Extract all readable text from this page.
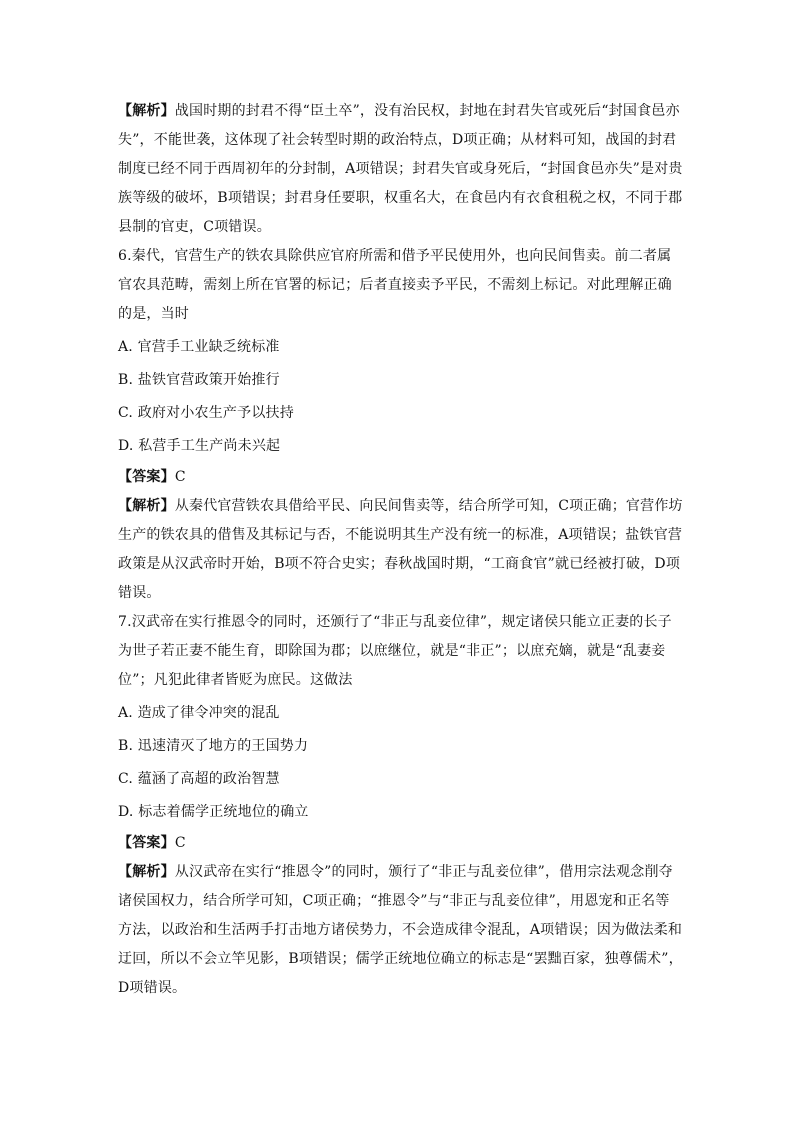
【解析】战国时期的封君不得“臣土卒”，没有治民权，封地在封君失官或死后“封国食邑亦失”，不能世袭，这体现了社会转型时期的政治特点，D项正确；从材料可知，战国的封君制度已经不同于西周初年的分封制，A项错误；封君失官或身死后，“封国食邑亦失”是对贵族等级的破坏，B项错误；封君身任要职，权重名大，在食邑内有衣食租税之权，不同于郡县制的官吏，C项错误。

6.秦代，官营生产的铁农具除供应官府所需和借予平民使用外，也向民间售卖。前二者属官农具范畴，需刻上所在官署的标记；后者直接卖予平民，不需刻上标记。对此理解正确的是，当时

A. 官营手工业缺乏统标准

B. 盐铁官营政策开始推行

C. 政府对小农生产予以扶持

D. 私营手工生产尚未兴起

【答案】C

【解析】从秦代官营铁农具借给平民、向民间售卖等，结合所学可知，C项正确；官营作坊生产的铁农具的借售及其标记与否，不能说明其生产没有统一的标准，A项错误；盐铁官营政策是从汉武帝时开始，B项不符合史实；春秋战国时期，“工商食官”就已经被打破，D项错误。

7.汉武帝在实行推恩令的同时，还颁行了“非正与乱妾位律”，规定诸侯只能立正妻的长子为世子若正妻不能生育，即除国为郡；以庶继位，就是“非正”；以庶充嫡，就是“乱妻妾位”；凡犯此律者皆贬为庶民。这做法

A. 造成了律令冲突的混乱

B. 迅速清灭了地方的王国势力

C. 蕴涵了高超的政治智慧

D. 标志着儒学正统地位的确立

【答案】C

【解析】从汉武帝在实行“推恩令”的同时，颁行了“非正与乱妾位律”，借用宗法观念削夺诸侯国权力，结合所学可知，C项正确；“推恩令”与“非正与乱妾位律”，用恩宠和正名等方法，以政治和生活两手打击地方诸侯势力，不会造成律令混乱，A项错误；因为做法柔和迂回，所以不会立竿见影，B项错误；儒学正统地位确立的标志是“罢黜百家，独尊儒术”，D项错误。
